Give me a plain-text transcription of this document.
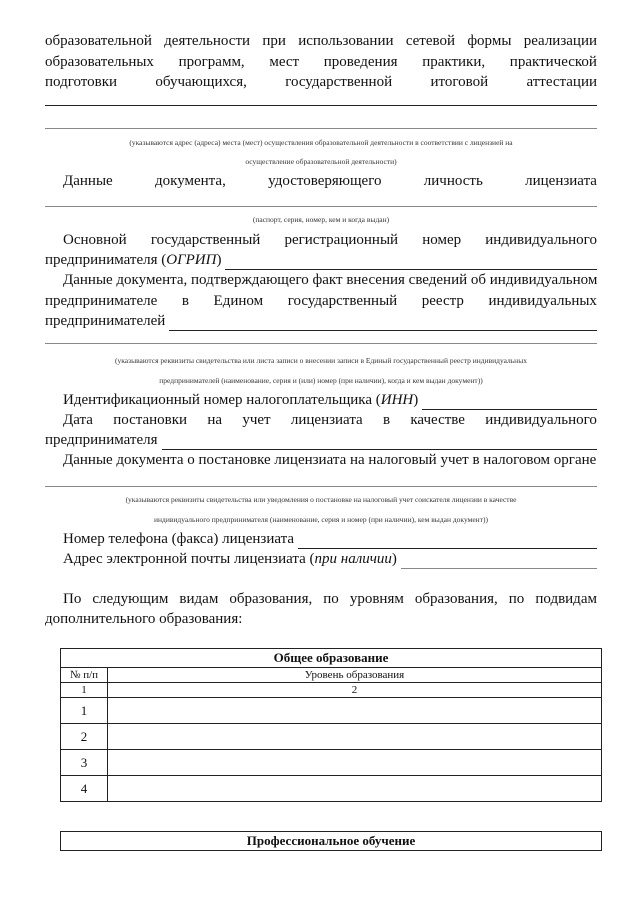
образовательной деятельности при использовании сетевой формы реализации
образовательных программ, мест проведения практики, практической
подготовки	обучающихся,	государственной	итоговой	аттестации
(указываются адрес (адреса) места (мест) осуществления образовательной деятельности в соответствии с лицензией на
осуществление образовательной деятельности)
Данные	документа,	удостоверяющего	личность	лицензиата
(паспорт, серия, номер, кем и когда выдан)
Основной государственный регистрационный номер индивидуального
предпринимателя ( ОГРИП )
Данные документа, подтверждающего факт внесения сведений об индивидуальном
предпринимателе в Едином государственный реестр индивидуальных
предпринимателей
(указываются реквизиты свидетельства или листа записи о внесении записи в Единый государственный реестр индивидуальных
предпринимателей (наименование, серия и (или) номер (при наличии), когда и кем выдан документ))
Идентификационный номер налогоплательщика ( ИНН )
Дата постановки на учет лицензиата в качестве индивидуального
предпринимателя
Данные документа о постановке лицензиата на налоговый учет в налоговом органе
(указываются реквизиты свидетельства или уведомления о постановке на налоговый учет соискателя лицензии в качестве
индивидуального предпринимателя (наименование, серия и номер (при наличии), кем выдан документ))
Номер телефона (факса) лицензиата
Адрес электронной почты лицензиата ( при наличии )
По следующим видам образования, по уровням образования, по подвидам
дополнительного образования:
Общее образование	
№ п/п	Уровень образования
1	2
1	
2	
3	
4	
Профессиональное обучение
